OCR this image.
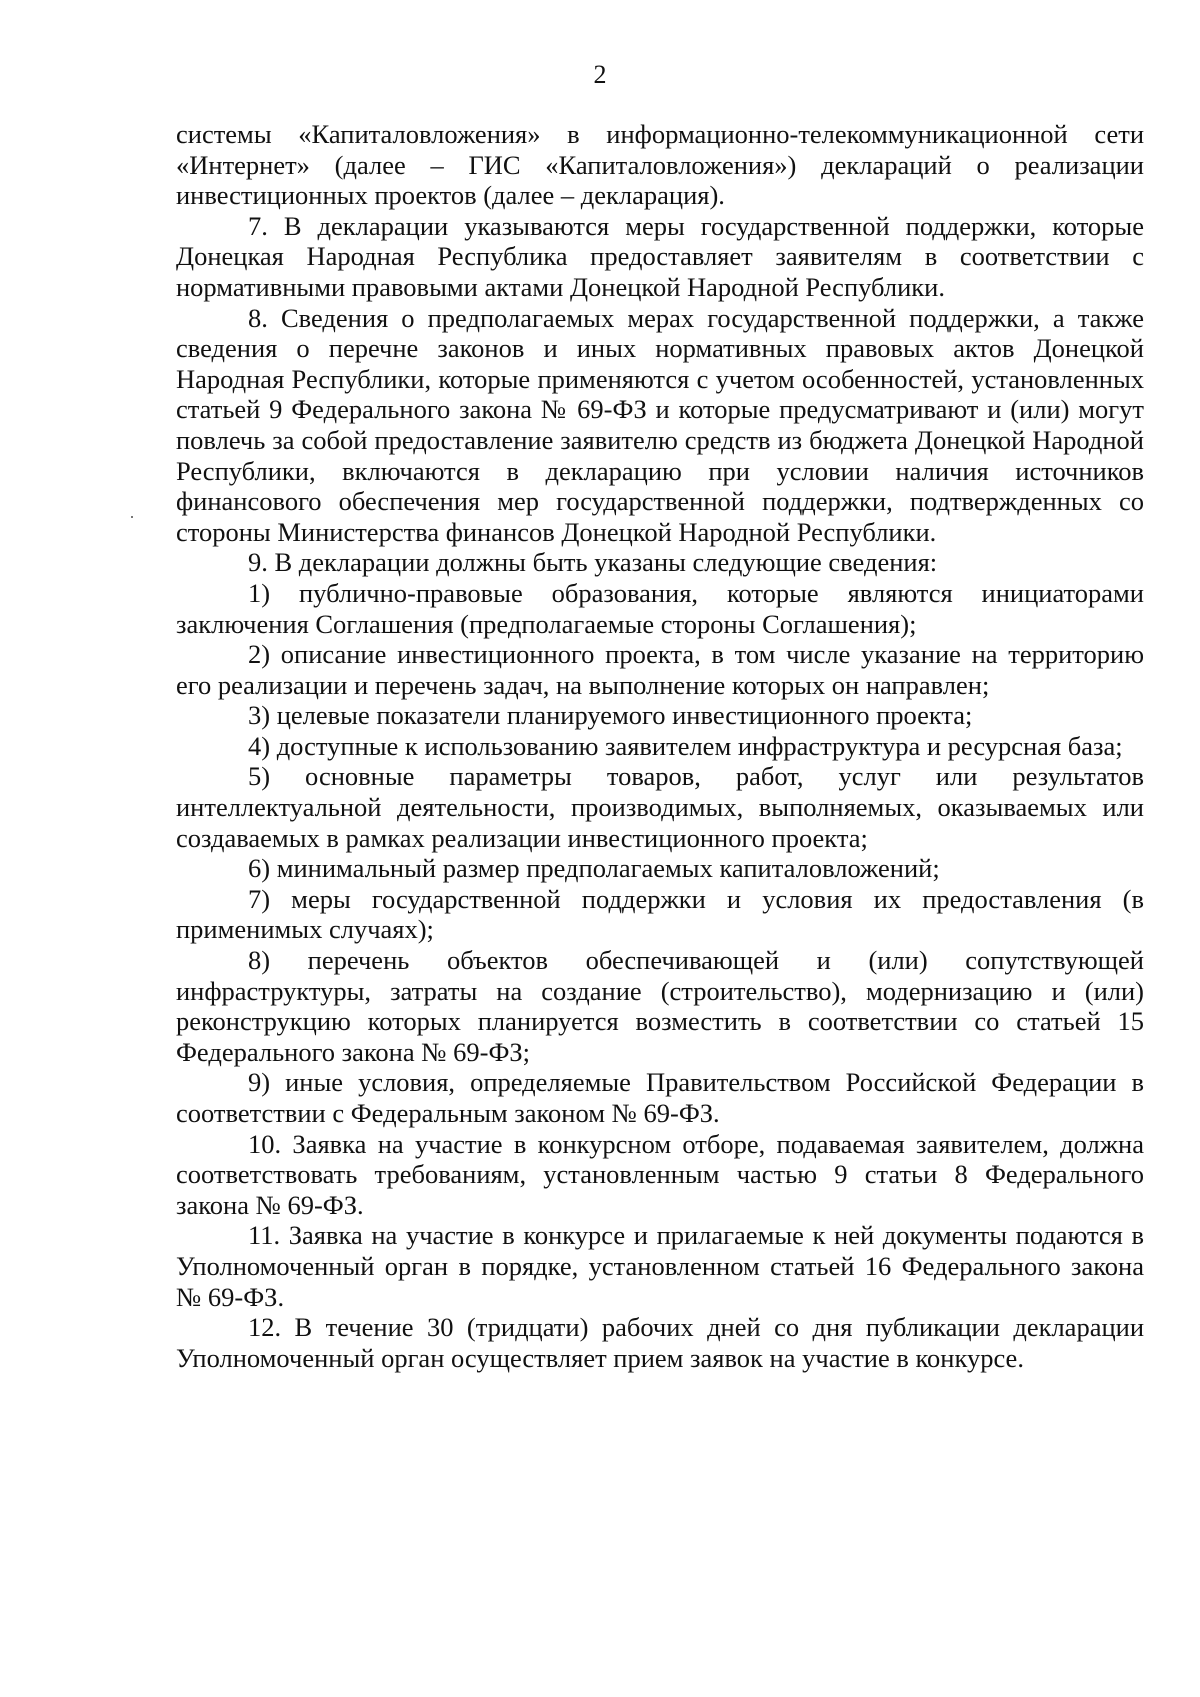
2

системы «Капиталовложения» в информационно-телекоммуникационной сети «Интернет» (далее – ГИС «Капиталовложения») деклараций о реализации инвестиционных проектов (далее – декларация).

7. В декларации указываются меры государственной поддержки, которые Донецкая Народная Республика предоставляет заявителям в соответствии с нормативными правовыми актами Донецкой Народной Республики.

8. Сведения о предполагаемых мерах государственной поддержки, а также сведения о перечне законов и иных нормативных правовых актов Донецкой Народная Республики, которые применяются с учетом особенностей, установленных статьей 9 Федерального закона № 69-ФЗ и которые предусматривают и (или) могут повлечь за собой предоставление заявителю средств из бюджета Донецкой Народной Республики, включаются в декларацию при условии наличия источников финансового обеспечения мер государственной поддержки, подтвержденных со стороны Министерства финансов Донецкой Народной Республики.

9. В декларации должны быть указаны следующие сведения:

1) публично-правовые образования, которые являются инициаторами заключения Соглашения (предполагаемые стороны Соглашения);

2) описание инвестиционного проекта, в том числе указание на территорию его реализации и перечень задач, на выполнение которых он направлен;

3) целевые показатели планируемого инвестиционного проекта;

4) доступные к использованию заявителем инфраструктура и ресурсная база;

5) основные параметры товаров, работ, услуг или результатов интеллектуальной деятельности, производимых, выполняемых, оказываемых или создаваемых в рамках реализации инвестиционного проекта;

6) минимальный размер предполагаемых капиталовложений;

7) меры государственной поддержки и условия их предоставления (в применимых случаях);

8) перечень объектов обеспечивающей и (или) сопутствующей инфраструктуры, затраты на создание (строительство), модернизацию и (или) реконструкцию которых планируется возместить в соответствии со статьей 15 Федерального закона № 69-ФЗ;

9) иные условия, определяемые Правительством Российской Федерации в соответствии с Федеральным законом № 69-ФЗ.

10. Заявка на участие в конкурсном отборе, подаваемая заявителем, должна соответствовать требованиям, установленным частью 9 статьи 8 Федерального закона № 69-ФЗ.

11. Заявка на участие в конкурсе и прилагаемые к ней документы подаются в Уполномоченный орган в порядке, установленном статьей 16 Федерального закона № 69-ФЗ.

12. В течение 30 (тридцати) рабочих дней со дня публикации декларации Уполномоченный орган осуществляет прием заявок на участие в конкурсе.
